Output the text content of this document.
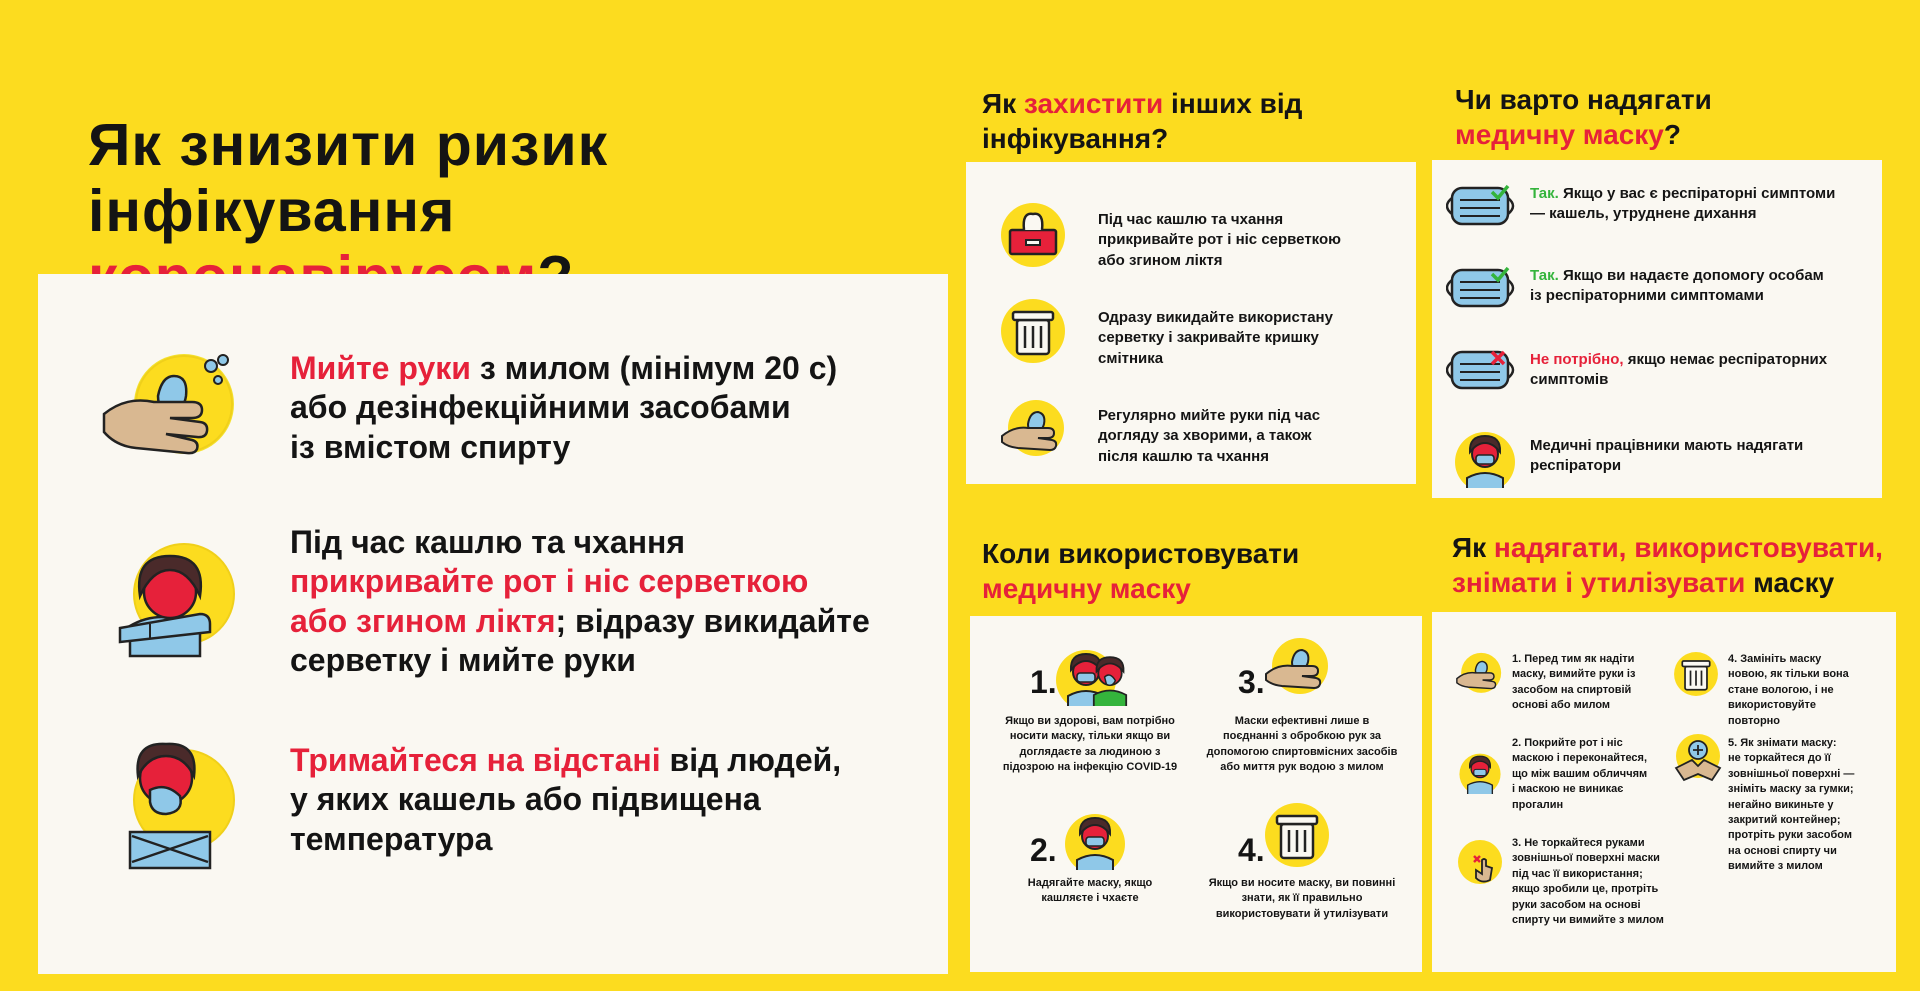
Як знизити ризик
інфікування
Мийте руки з милом (мінімум 20 с)
або дезінфекційними засобами
із вмістом спирту
Під час кашлю та чхання
прикривайте рот і ніс серветкою
або згином ліктя; відразу викидайте
серветку і мийте руки
Тримайтеся на відстані від людей,
у яких кашель або підвищена
температура
Як захистити інших від
інфікування?
Під час кашлю та чхання
прикривайте рот і ніс серветкою
або згином ліктя
Одразу викидайте використану
серветку і закривайте кришку
смітника
Регулярно мийте руки під час
догляду за хворими, а також
після кашлю та чхання
Чи варто надягати
медичну маску?
Так. Якщо у вас є респіраторні симптоми
— кашель, утруднене дихання
Так. Якщо ви надаєте допомогу особам
із респіраторними симптомами
Не потрібно, якщо немає респіраторних
симптомів
Медичні працівники мають надягати
респіратори
Коли використовувати
медичну маску
1.
Якщо ви здорові, вам потрібно
носити маску, тільки якщо ви
доглядаєте за людиною з
підозрою на інфекцію COVID-19
2.
Надягайте маску, якщо
кашляєте і чхаєте
3.
Маски ефективні лише в
поєднанні з обробкою рук за
допомогою спиртовмісних засобів
або миття рук водою з милом
4.
Якщо ви носите маску, ви повинні
знати, як її правильно
використовувати й утилізувати
Як надягати, використовувати,
знімати і утилізувати маску
1. Перед тим як надіти
маску, вимийте руки із
засобом на спиртовій
основі або милом
2. Покрийте рот і ніс
маскою і переконайтеся,
що між вашим обличчям
і маскою не виникає
прогалин
3. Не торкайтеся руками
зовнішньої поверхні маски
під час її використання;
якщо зробили це, протріть
руки засобом на основі
спирту чи вимийте з милом
4. Замініть маску
новою, як тільки вона
стане вологою, і не
використовуйте
повторно
5. Як знімати маску:
не торкайтеся до її
зовнішньої поверхні —
зніміть маску за гумки;
негайно викиньте у
закритий контейнер;
протріть руки засобом
на основі спирту чи
вимийте з милом
